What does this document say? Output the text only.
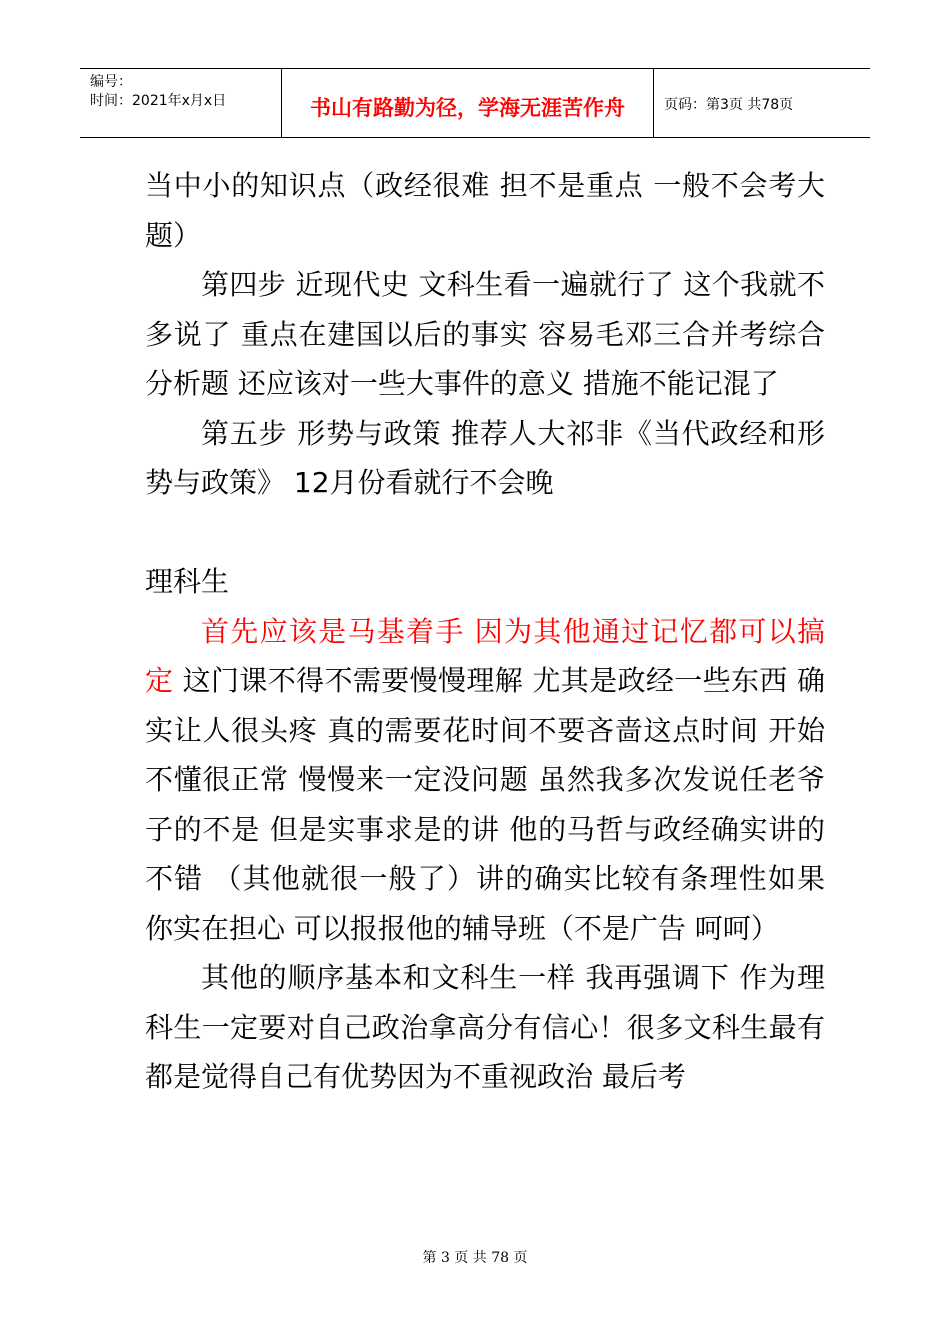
编号：
时间：2021年x月x日	书山有路勤为径，学海无涯苦作舟	页码：第3页 共78页

当中小的知识点（政经很难 担不是重点 一般不会考大题）

第四步 近现代史 文科生看一遍就行了 这个我就不多说了 重点在建国以后的事实 容易毛邓三合并考综合分析题 还应该对一些大事件的意义 措施不能记混了

第五步 形势与政策 推荐人大祁非《当代政经和形势与政策》 12月份看就行不会晚

理科生

首先应该是马基着手 因为其他通过记忆都可以搞定 这门课不得不需要慢慢理解 尤其是政经一些东西 确实让人很头疼 真的需要花时间不要吝啬这点时间 开始不懂很正常 慢慢来一定没问题 虽然我多次发说任老爷子的不是 但是实事求是的讲 他的马哲与政经确实讲的不错 （其他就很一般了）讲的确实比较有条理性如果你实在担心 可以报报他的辅导班（不是广告 呵呵）

其他的顺序基本和文科生一样 我再强调下 作为理科生一定要对自己政治拿高分有信心！很多文科生最有都是觉得自己有优势因为不重视政治 最后考

第 3 页 共 78 页
